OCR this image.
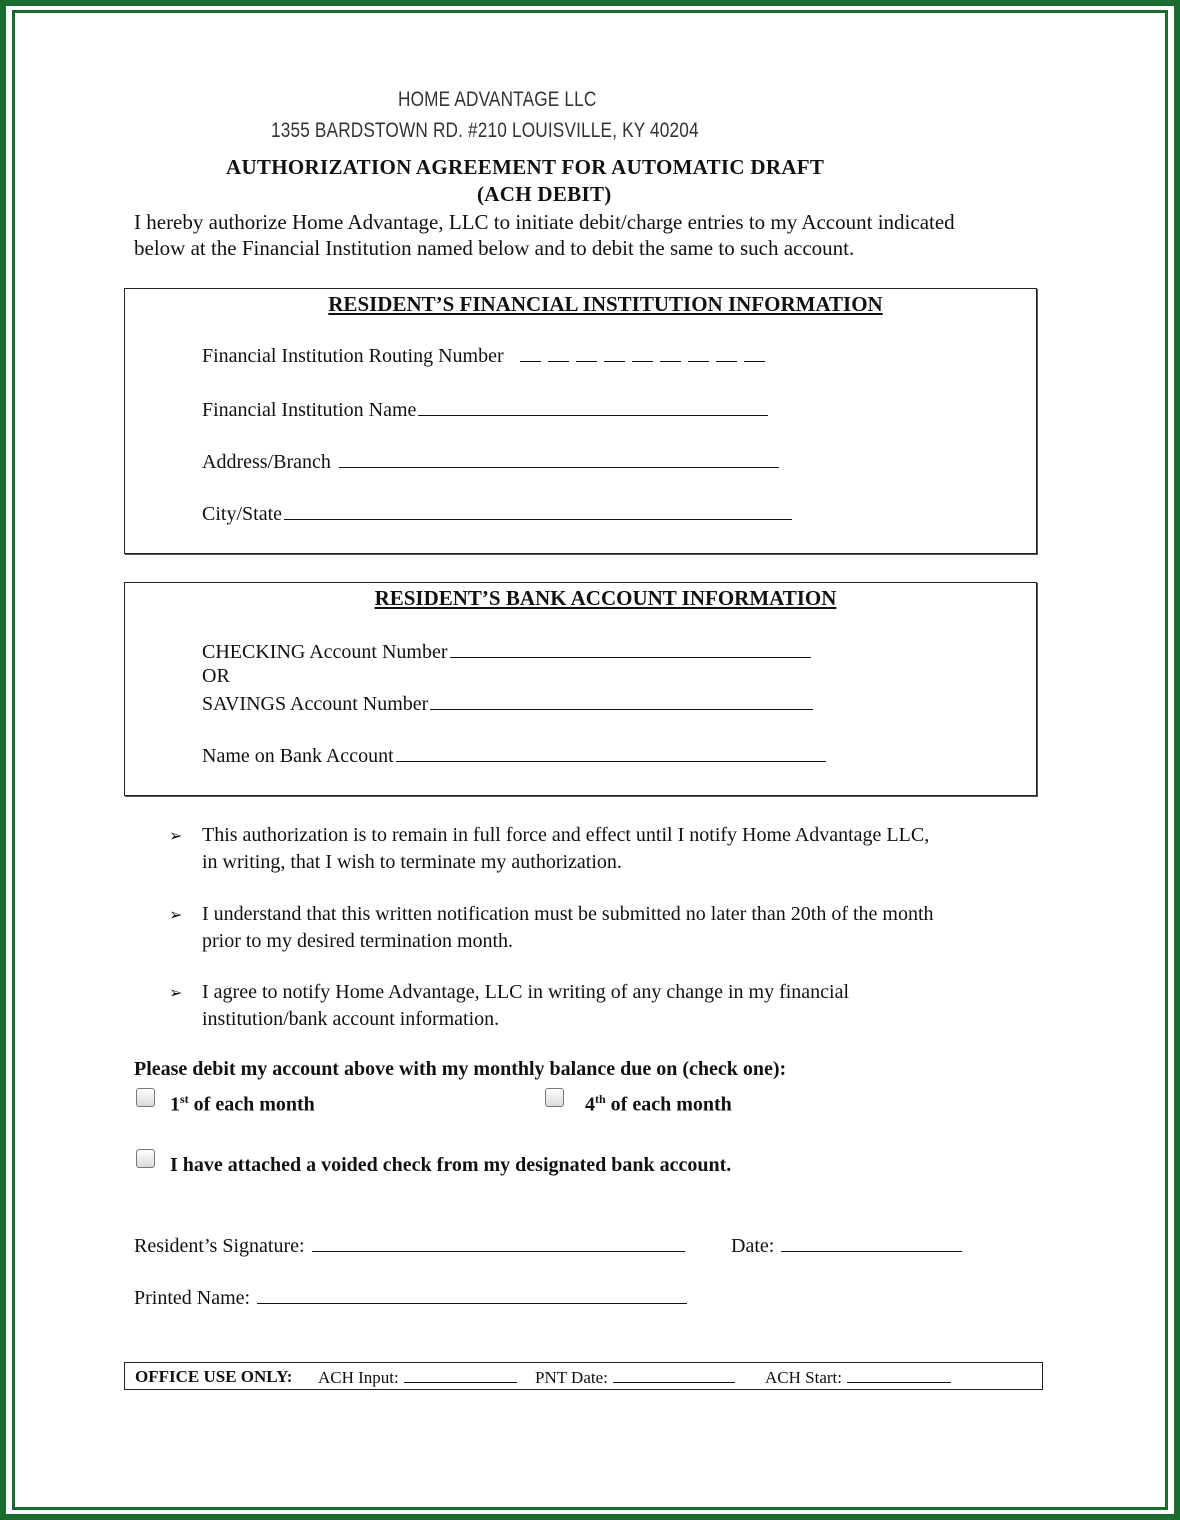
HOME ADVANTAGE LLC
1355 BARDSTOWN RD. #210 LOUISVILLE, KY 40204
AUTHORIZATION AGREEMENT FOR AUTOMATIC DRAFT
(ACH DEBIT)
I hereby authorize Home Advantage, LLC to initiate debit/charge entries to my Account indicated
below at the Financial Institution named below and to debit the same to such account.
RESIDENT’S FINANCIAL INSTITUTION INFORMATION
Financial Institution Routing Number
Financial Institution Name
Address/Branch
City/State
RESIDENT’S BANK ACCOUNT INFORMATION
CHECKING Account Number
OR
SAVINGS Account Number
Name on Bank Account
➢ This authorization is to remain in full force and effect until I notify Home Advantage LLC,
in writing, that I wish to terminate my authorization.
➢ I understand that this written notification must be submitted no later than 20th of the month
prior to my desired termination month.
➢ I agree to notify Home Advantage, LLC in writing of any change in my financial
institution/bank account information.
Please debit my account above with my monthly balance due on (check one):
1st of each month	4th of each month
I have attached a voided check from my designated bank account.
Resident’s Signature:	Date:
Printed Name:
OFFICE USE ONLY: ACH Input:	PNT Date:	ACH Start:
